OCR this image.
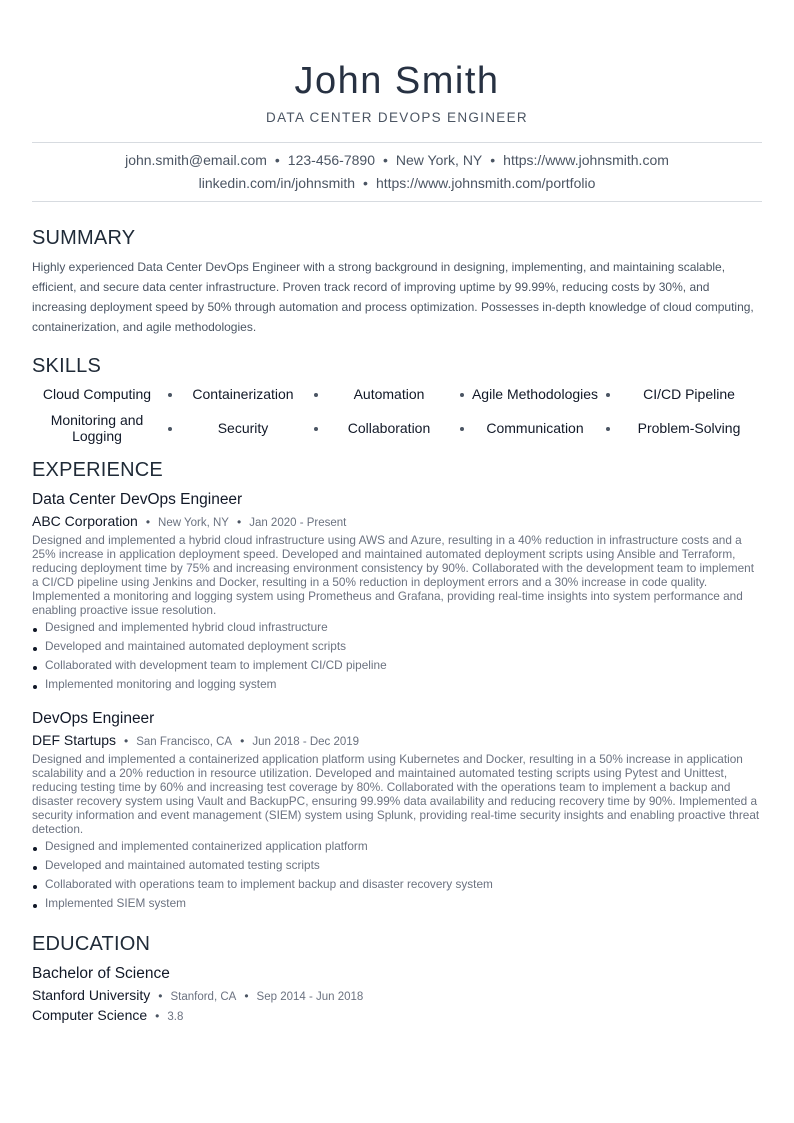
John Smith
DATA CENTER DEVOPS ENGINEER
john.smith@email.com • 123-456-7890 • New York, NY • https://www.johnsmith.com
linkedin.com/in/johnsmith • https://www.johnsmith.com/portfolio
SUMMARY
Highly experienced Data Center DevOps Engineer with a strong background in designing, implementing, and maintaining scalable, efficient, and secure data center infrastructure. Proven track record of improving uptime by 99.99%, reducing costs by 30%, and increasing deployment speed by 50% through automation and process optimization. Possesses in-depth knowledge of cloud computing, containerization, and agile methodologies.
SKILLS
Cloud Computing	Containerization	Automation	Agile Methodologies	CI/CD Pipeline
Monitoring and Logging	Security	Collaboration	Communication	Problem-Solving
EXPERIENCE
Data Center DevOps Engineer
ABC Corporation • New York, NY • Jan 2020 - Present
Designed and implemented a hybrid cloud infrastructure using AWS and Azure, resulting in a 40% reduction in infrastructure costs and a 25% increase in application deployment speed. Developed and maintained automated deployment scripts using Ansible and Terraform, reducing deployment time by 75% and increasing environment consistency by 90%. Collaborated with the development team to implement a CI/CD pipeline using Jenkins and Docker, resulting in a 50% reduction in deployment errors and a 30% increase in code quality. Implemented a monitoring and logging system using Prometheus and Grafana, providing real-time insights into system performance and enabling proactive issue resolution.
Designed and implemented hybrid cloud infrastructure
Developed and maintained automated deployment scripts
Collaborated with development team to implement CI/CD pipeline
Implemented monitoring and logging system
DevOps Engineer
DEF Startups • San Francisco, CA • Jun 2018 - Dec 2019
Designed and implemented a containerized application platform using Kubernetes and Docker, resulting in a 50% increase in application scalability and a 20% reduction in resource utilization. Developed and maintained automated testing scripts using Pytest and Unittest, reducing testing time by 60% and increasing test coverage by 80%. Collaborated with the operations team to implement a backup and disaster recovery system using Vault and BackupPC, ensuring 99.99% data availability and reducing recovery time by 90%. Implemented a security information and event management (SIEM) system using Splunk, providing real-time security insights and enabling proactive threat detection.
Designed and implemented containerized application platform
Developed and maintained automated testing scripts
Collaborated with operations team to implement backup and disaster recovery system
Implemented SIEM system
EDUCATION
Bachelor of Science
Stanford University • Stanford, CA • Sep 2014 - Jun 2018
Computer Science • 3.8
